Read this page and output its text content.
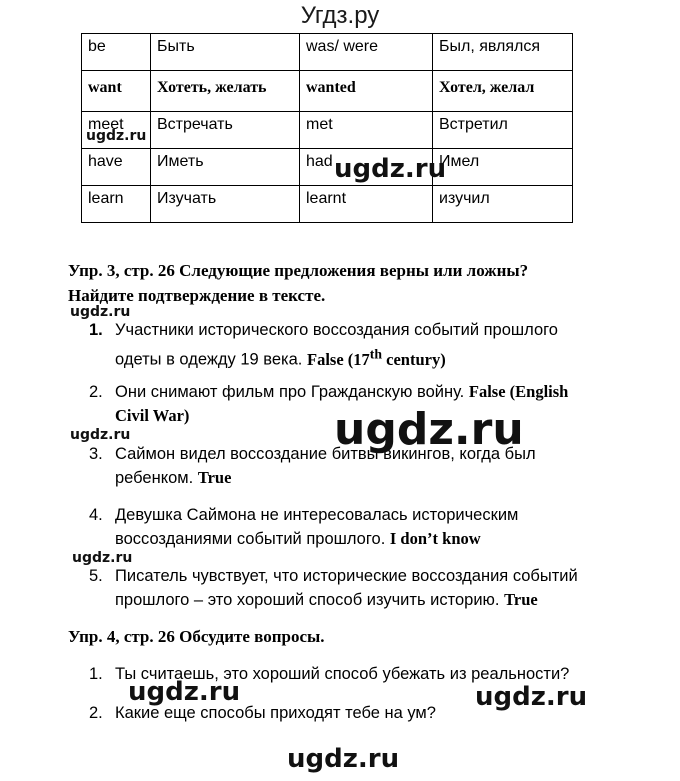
Угдз.ру
be	Быть	was/ were	Был, являлся
want	Хотеть, желать	wanted	Хотел, желал
meet	Встречать	met	Встретил
have	Иметь	had	Имел
learn	Изучать	learnt	изучил
Упр. 3, стр. 26 Следующие предложения верны или ложны?
Найдите подтверждение в тексте.
1. Участники исторического воссоздания событий прошлого
одеты в одежду 19 века. False (17th century)
2. Они снимают фильм про Гражданскую войну. False (English
Civil War)
3. Саймон видел воссоздание битвы викингов, когда был
ребенком. True
4. Девушка Саймона не интересовалась историческим
воссозданиями событий прошлого. I don’t know
5. Писатель чувствует, что исторические воссоздания событий
прошлого – это хороший способ изучить историю. True
Упр. 4, стр. 26 Обсудите вопросы.
1. Ты считаешь, это хороший способ убежать из реальности?
2. Какие еще способы приходят тебе на ум?
ugdz.ru
ugdz.ru
ugdz.ru
ugdz.ru
ugdz.ru
ugdz.ru
ugdz.ru	ugdz.ru
ugdz.ru
